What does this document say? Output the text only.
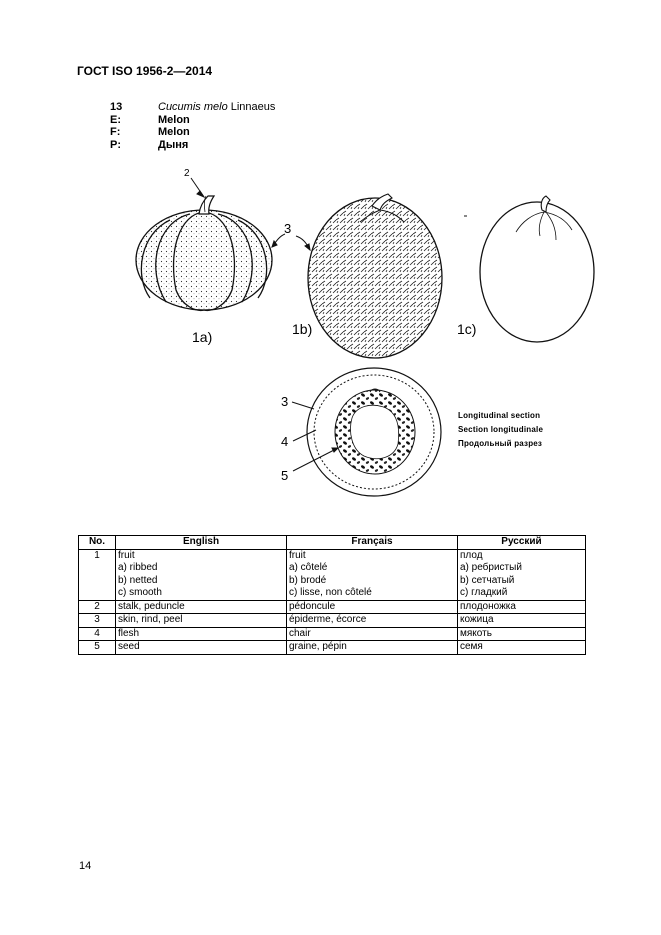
ГОСТ ISO 1956-2—2014
13	Cucumis melo Linnaeus
E:	Melon
F:	Melon
P:	Дыня
2
3
3
4
5
1a)	1b)	1c)
Longitudinal section
Section longitudinale
Продольный разрез
No.	English	Français	Русский
1	fruit
a) ribbed
b) netted
c) smooth	fruit
a) côtelé
b) brodé
c) lisse, non côtelé	плод
а) ребристый
b) сетчатый
с) гладкий

2	stalk, peduncle	pédoncule	плодоножка
3	skin, rind, peel	épiderme, écorce	кожица
4	flesh	chair	мякоть
5	seed	graine, pépin	семя
14
